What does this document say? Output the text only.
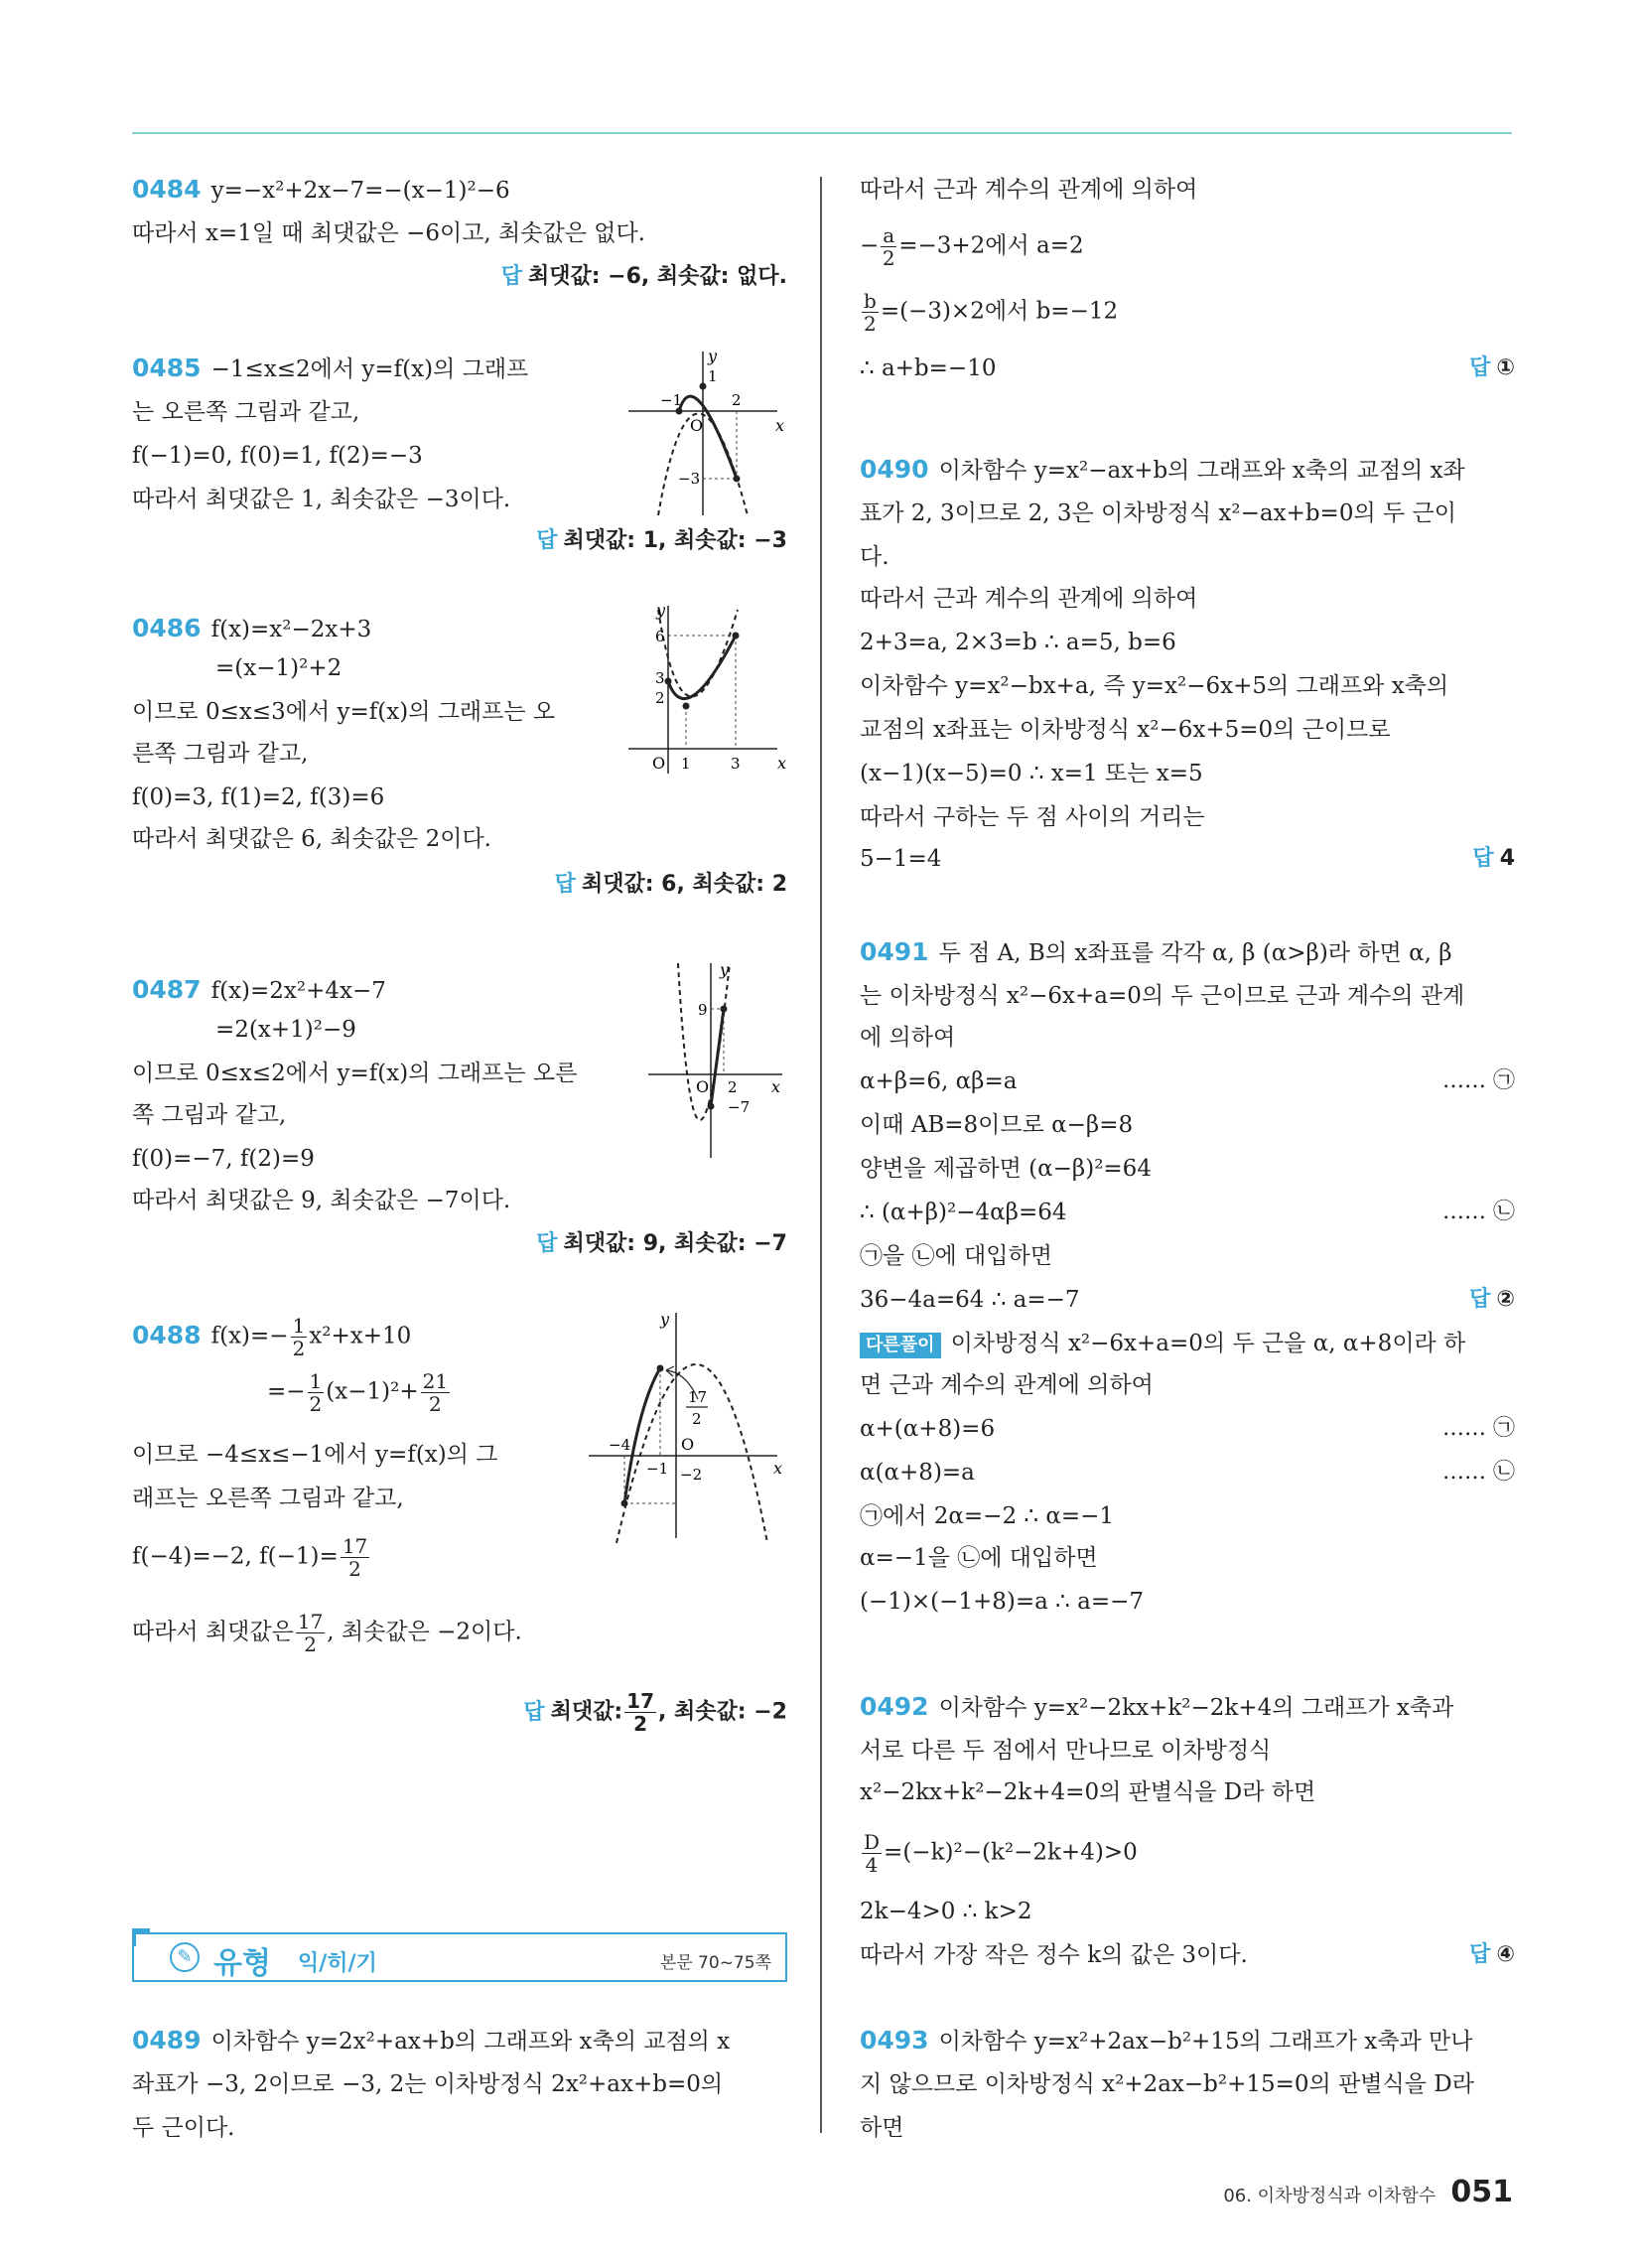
0484 y=−x²+2x−7=−(x−1)²−6
따라서 x=1일 때 최댓값은 −6이고, 최솟값은 없다.
답 최댓값: −6, 최솟값: 없다.
0485 −1≤x≤2에서 y=f(x)의 그래프
는 오른쪽 그림과 같고,
f(−1)=0, f(0)=1, f(2)=−3
따라서 최댓값은 1, 최솟값은 −3이다.
답 최댓값: 1, 최솟값: −3
y
x
O
1
−1	2
−3
0486 f(x)=x²−2x+3
=(x−1)²+2
이므로 0≤x≤3에서 y=f(x)의 그래프는 오
른쪽 그림과 같고,
f(0)=3, f(1)=2, f(3)=6
따라서 최댓값은 6, 최솟값은 2이다.
답 최댓값: 6, 최솟값: 2
y
x
O
6
3
2
1	3
0487 f(x)=2x²+4x−7
=2(x+1)²−9
이므로 0≤x≤2에서 y=f(x)의 그래프는 오른
쪽 그림과 같고,
f(0)=−7, f(2)=9
따라서 최댓값은 9, 최솟값은 −7이다.
답 최댓값: 9, 최솟값: −7
y
x
O
9
2
−7
0488 $f(x)=- \frac{1}{2} x^2+x+10$
=− $\frac{1}{2} (x-1)^2+ \frac{21}{2}$
이므로 −4≤x≤−1에서 y=f(x)의 그
래프는 오른쪽 그림과 같고,
f(−4)=−2, $f(-1)= \frac{17}{2}$
따라서 최댓값은 $\frac{17}{2}$ , 최솟값은 −2이다.
답 최댓값: $\frac{17}{2}$ , 최솟값: −2
y
x
O
−4
−1 −2
17
2
✎ 유형 익/히/기	본문 70~75쪽
0489 이차함수 y=2x²+ax+b의 그래프와 x축의 교점의 x
좌표가 −3, 2이므로 −3, 2는 이차방정식 2x²+ax+b=0의
두 근이다.
따라서 근과 계수의 관계에 의하여
− $\frac{a}{2} =-3+2$에서 a=2
$\frac{b}{2} =(-3)\times 2$에서 b=−12
∴ a+b=−10	답 ①
0490 이차함수 y=x²−ax+b의 그래프와 x축의 교점의 x좌
표가 2, 3이므로 2, 3은 이차방정식 x²−ax+b=0의 두 근이
다.
따라서 근과 계수의 관계에 의하여
2+3=a, 2×3=b ∴ a=5, b=6
이차함수 y=x²−bx+a, 즉 y=x²−6x+5의 그래프와 x축의
교점의 x좌표는 이차방정식 x²−6x+5=0의 근이므로
(x−1)(x−5)=0 ∴ x=1 또는 x=5
따라서 구하는 두 점 사이의 거리는
5−1=4	답 4
0491 두 점 A, B의 x좌표를 각각 α, β (α>β)라 하면 α, β
는 이차방정식 x²−6x+a=0의 두 근이므로 근과 계수의 관계
에 의하여
α+β=6, αβ=a	…… ㉠
이때 AB=8이므로 α−β=8
양변을 제곱하면 (α−β)²=64
∴ (α+β)²−4αβ=64	…… ㉡
㉠을 ㉡에 대입하면
36−4a=64 ∴ a=−7	답 ②
다른풀이 이차방정식 x²−6x+a=0의 두 근을 α, α+8이라 하
면 근과 계수의 관계에 의하여
α+(α+8)=6	…… ㉠
α(α+8)=a	…… ㉡
㉠에서 2α=−2 ∴ α=−1
α=−1을 ㉡에 대입하면
(−1)×(−1+8)=a ∴ a=−7
0492 이차함수 y=x²−2kx+k²−2k+4의 그래프가 x축과
서로 다른 두 점에서 만나므로 이차방정식
x²−2kx+k²−2k+4=0의 판별식을 D라 하면
$\frac{D}{4} =(-k)^2-(k^2-2k+4)>0$
2k−4>0 ∴ k>2
따라서 가장 작은 정수 k의 값은 3이다.	답 ④
0493 이차함수 y=x²+2ax−b²+15의 그래프가 x축과 만나
지 않으므로 이차방정식 x²+2ax−b²+15=0의 판별식을 D라
하면
06. 이차방정식과 이차함수 051
